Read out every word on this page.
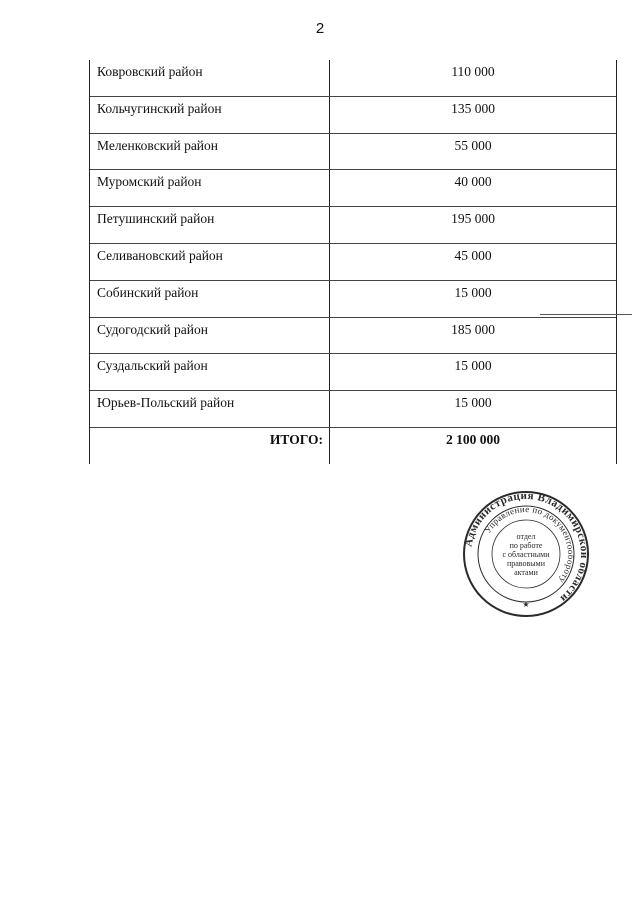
2
Ковровский район	110 000
Кольчугинский район	135 000
Меленковский район	55 000
Муромский район	40 000
Петушинский район	195 000
Селивановский район	45 000
Собинский район	15 000
Судогодский район	185 000
Суздальский район	15 000
Юрьев-Польский район	15 000
ИТОГО:	2 100 000
Администрация Владимирской области
Управление по документообороту
отдел
по работе
с областными
правовыми
актами
★
